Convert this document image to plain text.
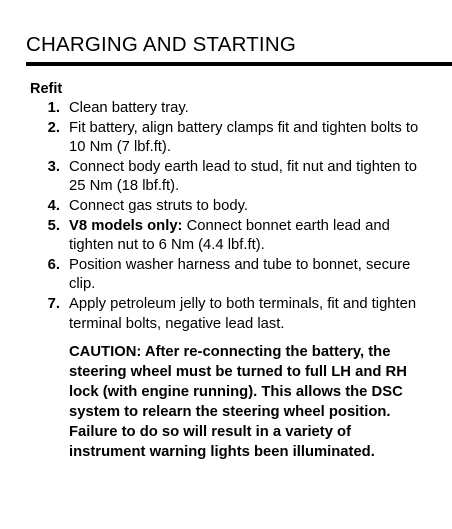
CHARGING AND STARTING
Refit
1. Clean battery tray.
2. Fit battery, align battery clamps fit and tighten bolts to 10 Nm (7 lbf.ft).
3. Connect body earth lead to stud, fit nut and tighten to 25 Nm (18 lbf.ft).
4. Connect gas struts to body.
5. V8 models only: Connect bonnet earth lead and tighten nut to 6 Nm (4.4 lbf.ft).
6. Position washer harness and tube to bonnet, secure clip.
7. Apply petroleum jelly to both terminals, fit and tighten terminal bolts, negative lead last.
CAUTION: After re-connecting the battery, the steering wheel must be turned to full LH and RH lock (with engine running). This allows the DSC system to relearn the steering wheel position. Failure to do so will result in a variety of instrument warning lights been illuminated.
